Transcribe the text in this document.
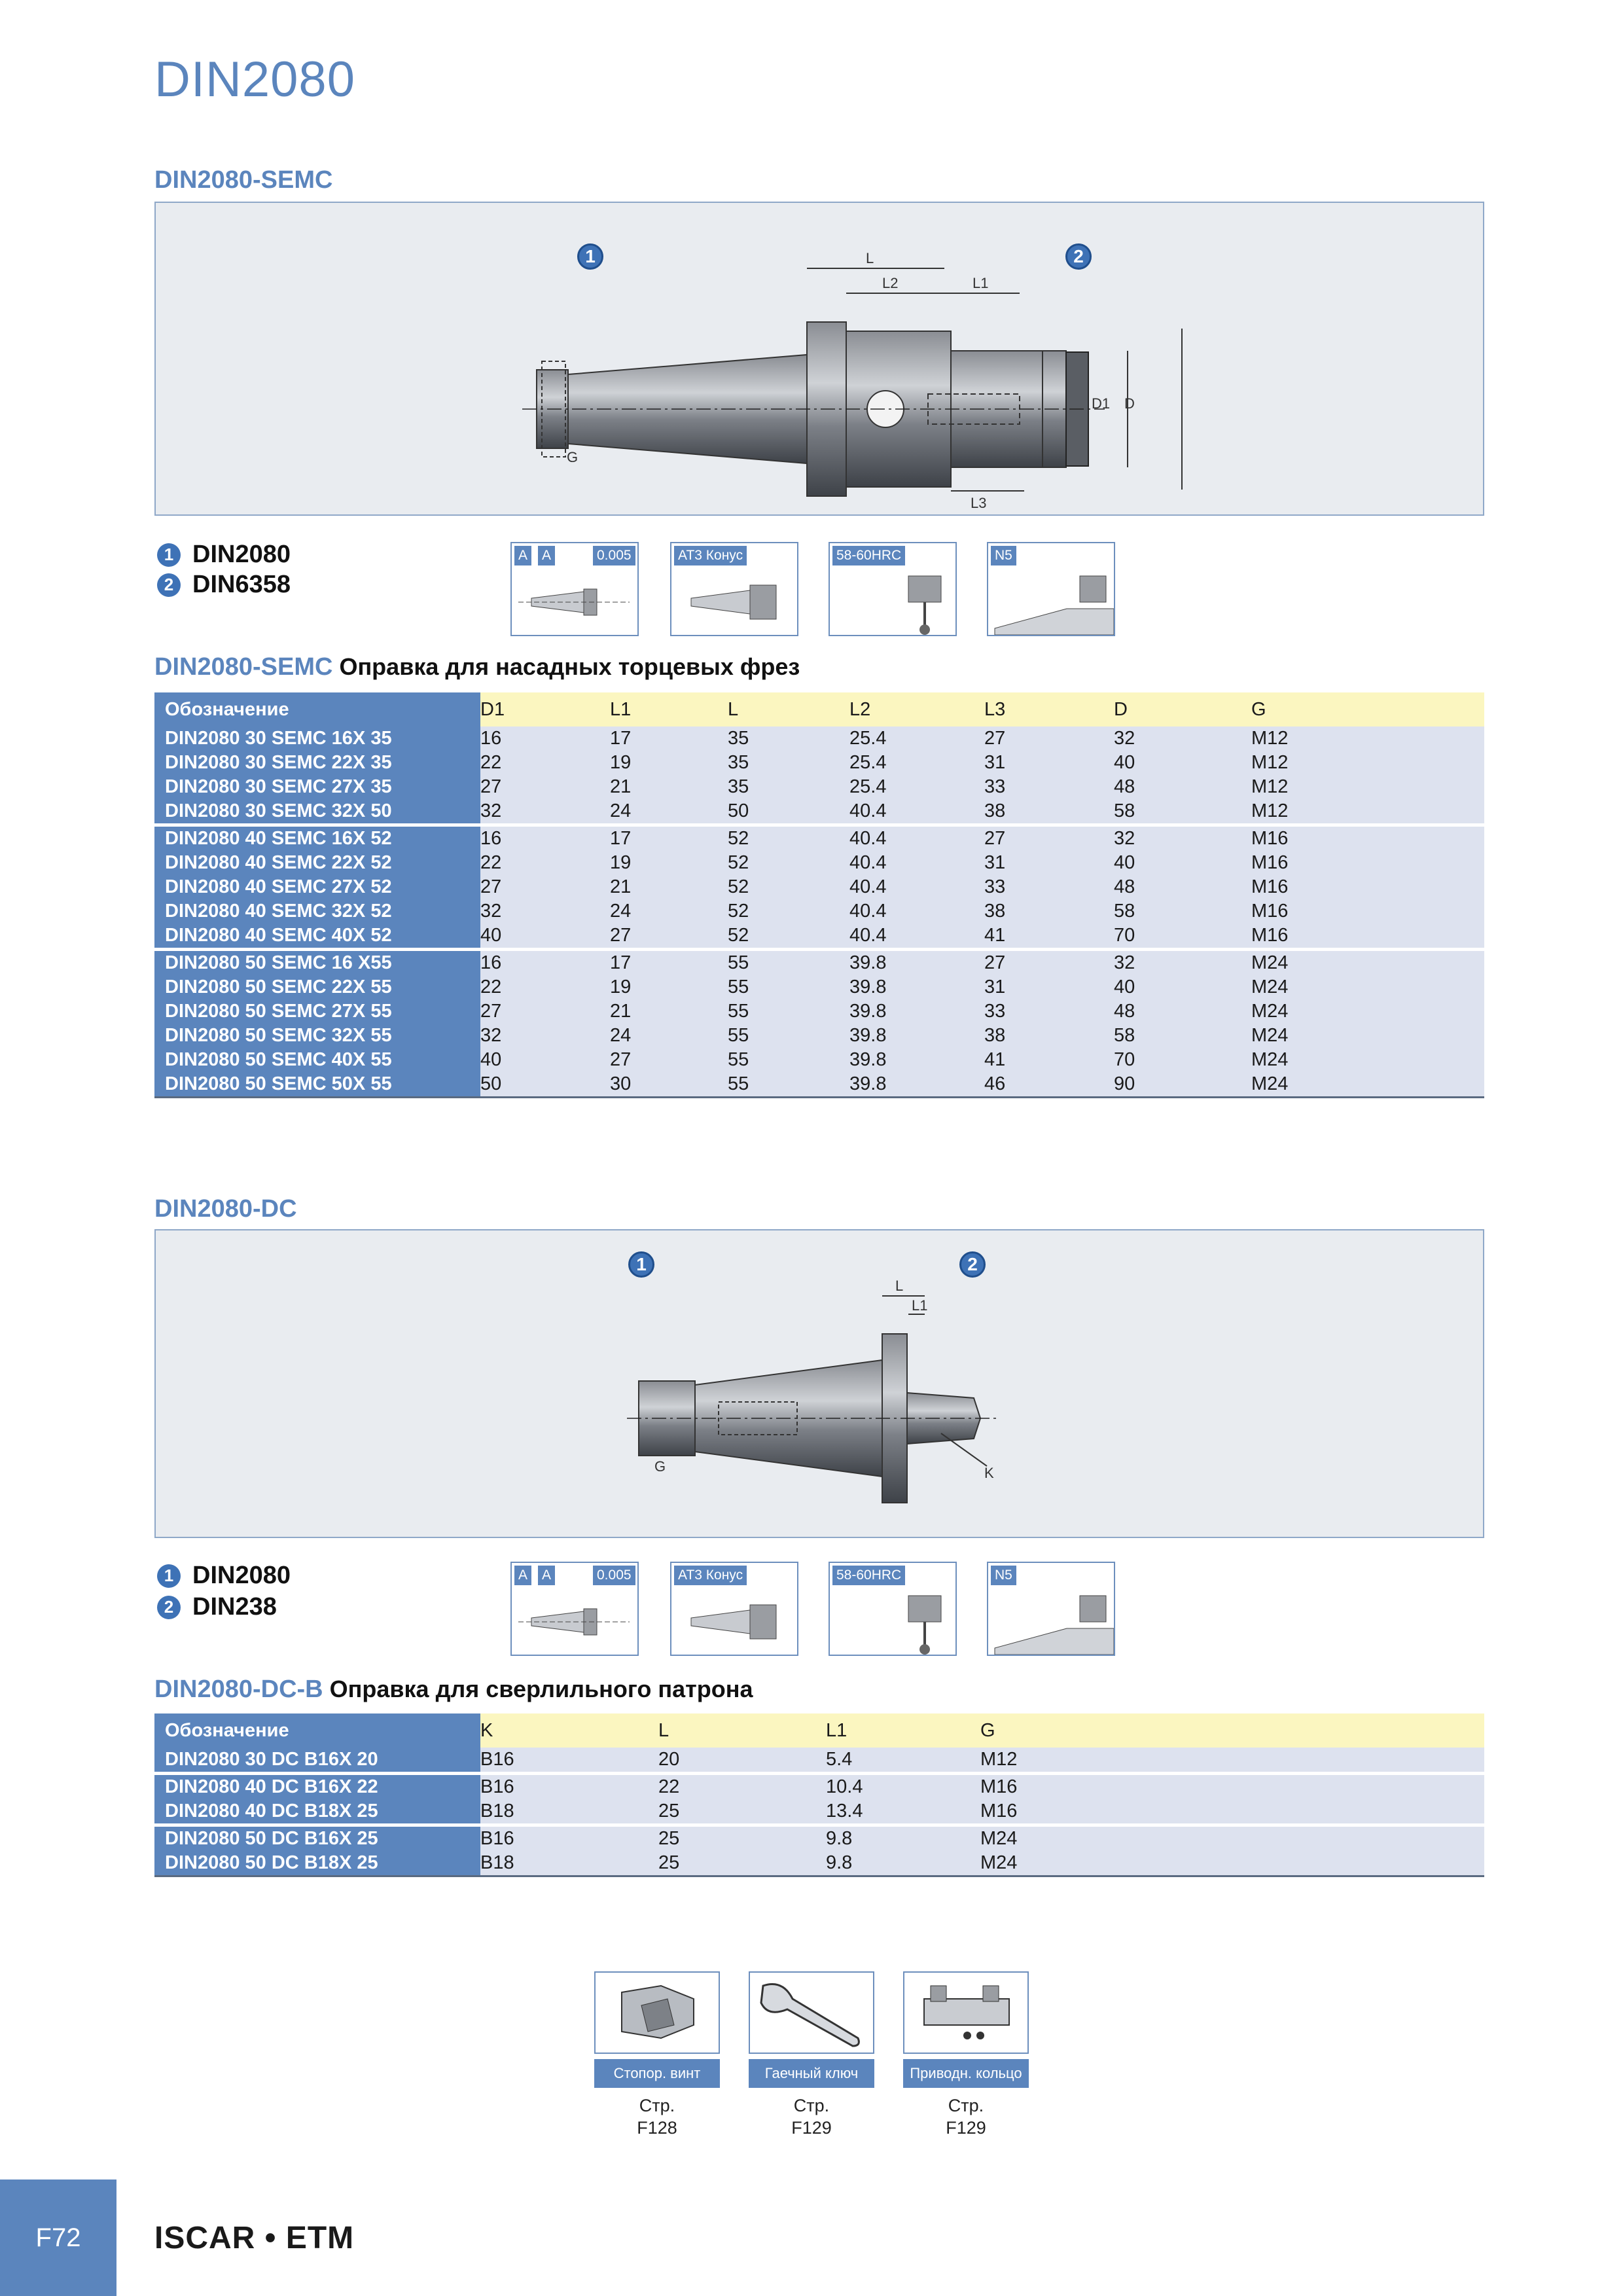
DIN2080
DIN2080-SEMC
1	2
L
L2	L1
L3
D1 D
G
1 DIN2080
2 DIN6358
A A	0.005	AT3 Конус	58-60HRC	N5
DIN2080-SEMC Оправка для насадных торцевых фрез
Обозначение	D1	L1	L	L2	L3	D	G
DIN2080 30 SEMC 16X 35	16	17	35	25.4	27	32	M12
DIN2080 30 SEMC 22X 35	22	19	35	25.4	31	40	M12
DIN2080 30 SEMC 27X 35	27	21	35	25.4	33	48	M12
DIN2080 30 SEMC 32X 50	32	24	50	40.4	38	58	M12
DIN2080 40 SEMC 16X 52	16	17	52	40.4	27	32	M16
DIN2080 40 SEMC 22X 52	22	19	52	40.4	31	40	M16
DIN2080 40 SEMC 27X 52	27	21	52	40.4	33	48	M16
DIN2080 40 SEMC 32X 52	32	24	52	40.4	38	58	M16
DIN2080 40 SEMC 40X 52	40	27	52	40.4	41	70	M16
DIN2080 50 SEMC 16 X55	16	17	55	39.8	27	32	M24
DIN2080 50 SEMC 22X 55	22	19	55	39.8	31	40	M24
DIN2080 50 SEMC 27X 55	27	21	55	39.8	33	48	M24
DIN2080 50 SEMC 32X 55	32	24	55	39.8	38	58	M24
DIN2080 50 SEMC 40X 55	40	27	55	39.8	41	70	M24
DIN2080 50 SEMC 50X 55	50	30	55	39.8	46	90	M24
DIN2080-DC
1	2
L
L1
G	K
1 DIN2080
2 DIN238
A A	0.005	AT3 Конус	58-60HRC	N5
DIN2080-DC-B Оправка для сверлильного патрона
Обозначение	K	L	L1	G
DIN2080 30 DC B16X 20	B16	20	5.4	M12
DIN2080 40 DC B16X 22	B16	22	10.4	M16
DIN2080 40 DC B18X 25	B18	25	13.4	M16
DIN2080 50 DC B16X 25	B16	25	9.8	M24
DIN2080 50 DC B18X 25	B18	25	9.8	M24
Стопор. винт
Стр.
F128
Гаечный ключ
Стр.
F129
Приводн. кольцо
Стр.
F129
F72	ISCAR • ETM
